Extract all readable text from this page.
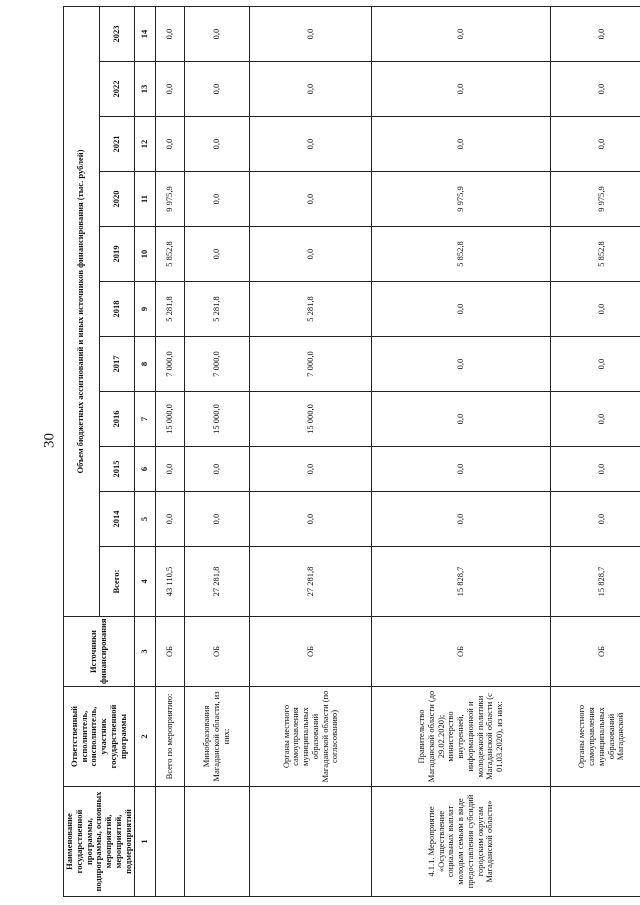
30
Наименование государственной программы, подпрограммы, основных мероприятий, мероприятий, подмероприятий	Ответственный исполнитель, соисполнитель, участник государственной программы	Источники финансирования	Объем бюджетных ассигнований и иных источников финансирования (тыс. рублей)										
			Всего:	2014	2015	2016	2017	2018	2019	2020	2021	2022	2023
1	2	3	4	5	6	7	8	9	10	11	12	13	14
	Всего по мероприятию:	ОБ	43 110,5	0,0	0,0	15 000,0	7 000,0	5 281,8	5 852,8	9 975,9	0,0	0,0	0,0
	Минобразования Магаданской области, из них:	ОБ	27 281,8	0,0	0,0	15 000,0	7 000,0	5 281,8	0,0	0,0	0,0	0,0	0,0
	Органы местного самоуправления муниципальных образований Магаданской области (по согласованию)	ОБ	27 281,8	0,0	0,0	15 000,0	7 000,0	5 281,8	0,0	0,0	0,0	0,0	0,0
4.1.1. Мероприятие «Осуществление социальных выплат молодым семьям в виде предоставления субсидий городским округам Магаданской области»	Правительство Магаданской области (до 29.02.2020); министерство внутренней, информационной и молодежной политики Магаданской области (с 01.03.2020), из них:	ОБ	15 828,7	0,0	0,0	0,0	0,0	0,0	5 852,8	9 975,9	0,0	0,0	0,0
	Органы местного самоуправления муниципальных образований Магаданской	ОБ	15 828,7	0,0	0,0	0,0	0,0	0,0	5 852,8	9 975,9	0,0	0,0	0,0
